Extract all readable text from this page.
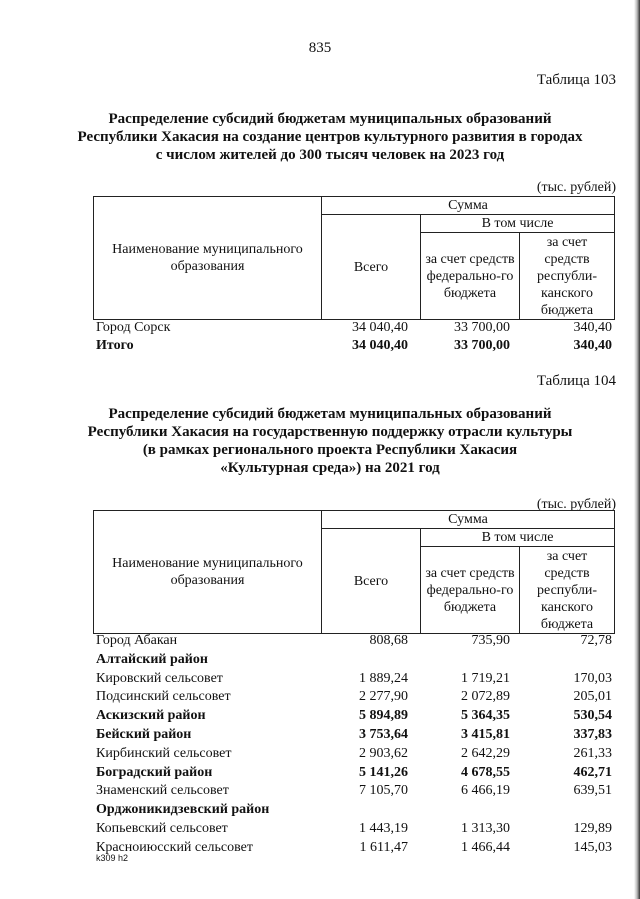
835
Таблица 103
Распределение субсидий бюджетам муниципальных образований
Республики Хакасия на создание центров культурного развития в городах
с числом жителей до 300 тысяч человек на 2023 год
(тыс. рублей)
Наименование муниципального образования
Сумма
Всего
В том числе
за счет средств федерально-го бюджета
за счет средств республи-канского бюджета
Город Сорск	34 040,40	33 700,00	340,40
Итого	34 040,40	33 700,00	340,40
Таблица 104
Распределение субсидий бюджетам муниципальных образований
Республики Хакасия на государственную поддержку отрасли культуры
(в рамках регионального проекта Республики Хакасия
«Культурная среда») на 2021 год
(тыс. рублей)
Наименование муниципального образования
Сумма
Всего
В том числе
за счет средств федерально-го бюджета
за счет средств республи-канского бюджета
Город Абакан	808,68	735,90	72,78
Алтайский район
Кировский сельсовет	1 889,24	1 719,21	170,03
Подсинский сельсовет	2 277,90	2 072,89	205,01
Аскизский район	5 894,89	5 364,35	530,54
Бейский район	3 753,64	3 415,81	337,83
Кирбинский сельсовет	2 903,62	2 642,29	261,33
Боградский район	5 141,26	4 678,55	462,71
Знаменский сельсовет	7 105,70	6 466,19	639,51
Орджоникидзевский район
Копьевский сельсовет	1 443,19	1 313,30	129,89
Красноиюсский сельсовет	1 611,47	1 466,44	145,03
k309 h2
